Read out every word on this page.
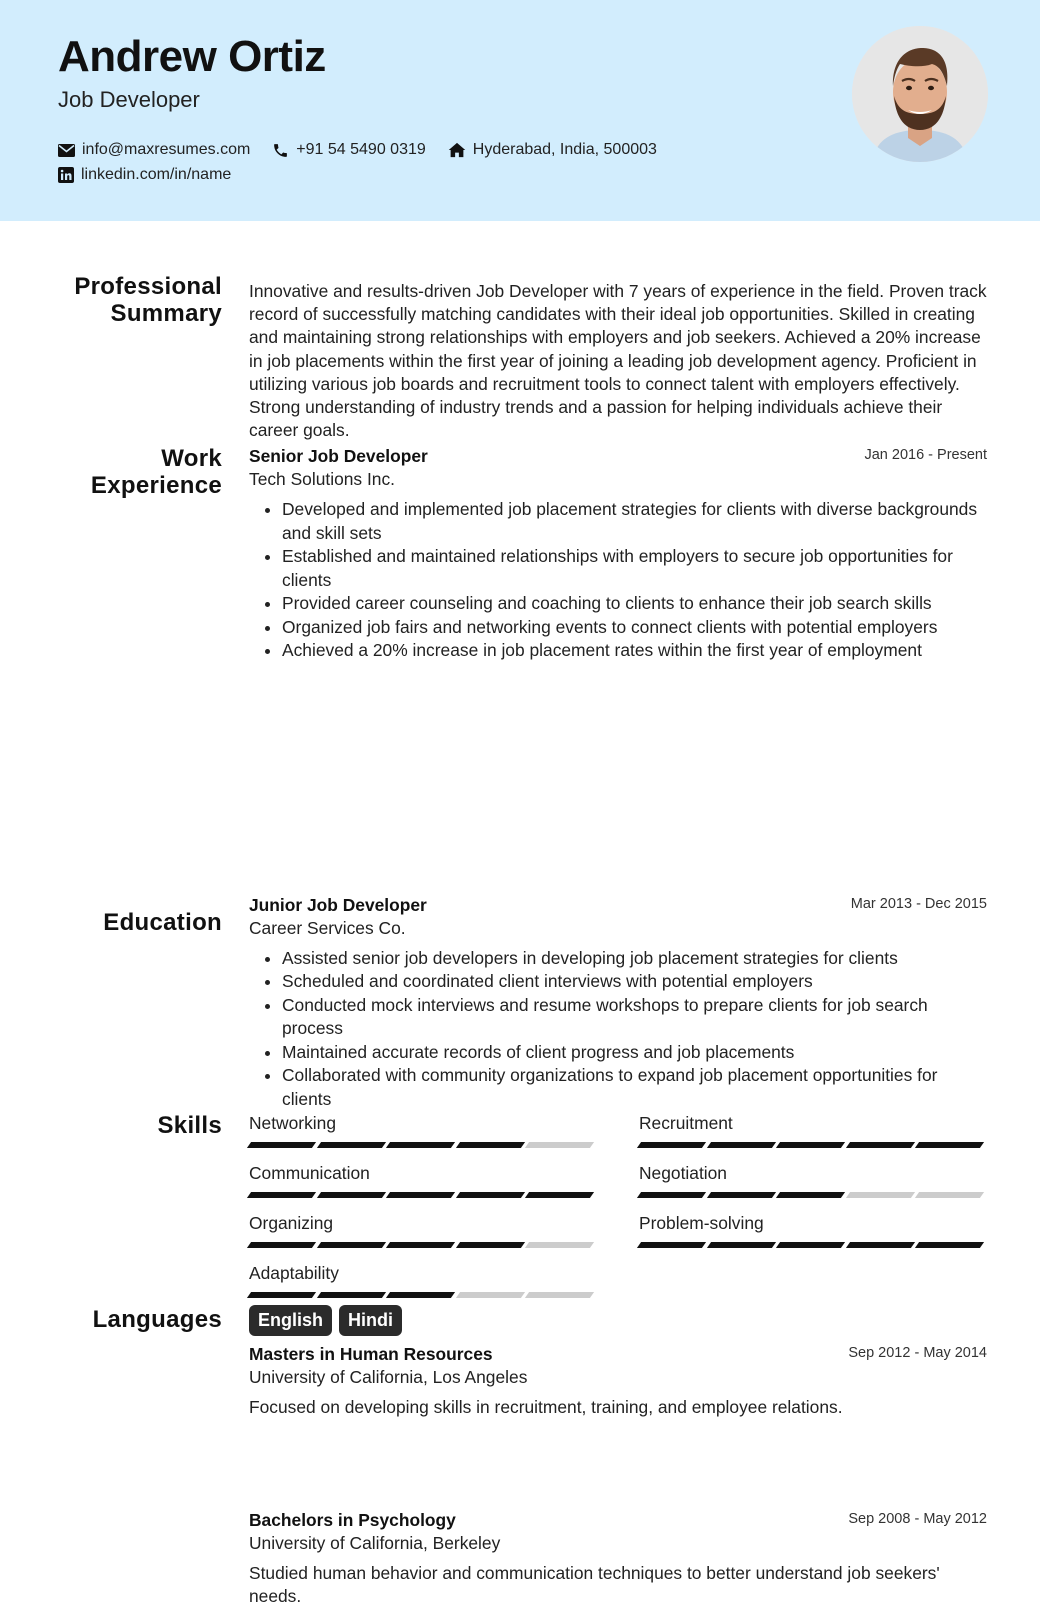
Andrew Ortiz
Job Developer
info@maxresumes.com	+91 54 5490 0319	Hyderabad, India, 500003
linkedin.com/in/name
Professional Summary

Innovative and results-driven Job Developer with 7 years of experience in the field. Proven track record of successfully matching candidates with their ideal job opportunities. Skilled in creating and maintaining strong relationships with employers and job seekers. Achieved a 20% increase in job placements within the first year of joining a leading job development agency. Proficient in utilizing various job boards and recruitment tools to connect talent with employers effectively. Strong understanding of industry trends and a passion for helping individuals achieve their career goals.

Work Experience
Senior Job Developer	Jan 2016 - Present
Tech Solutions Inc.
• Developed and implemented job placement strategies for clients with diverse backgrounds and skill sets
• Established and maintained relationships with employers to secure job opportunities for clients
• Provided career counseling and coaching to clients to enhance their job search skills
• Organized job fairs and networking events to connect clients with potential employers
• Achieved a 20% increase in job placement rates within the first year of employment
Junior Job Developer	Mar 2013 - Dec 2015
Career Services Co.
• Assisted senior job developers in developing job placement strategies for clients
• Scheduled and coordinated client interviews with potential employers
• Conducted mock interviews and resume workshops to prepare clients for job search process
• Maintained accurate records of client progress and job placements
• Collaborated with community organizations to expand job placement opportunities for clients
Education
Masters in Human Resources	Sep 2012 - May 2014
University of California, Los Angeles
Focused on developing skills in recruitment, training, and employee relations.
Bachelors in Psychology	Sep 2008 - May 2012
University of California, Berkeley
Studied human behavior and communication techniques to better understand job seekers' needs.
Skills Networking	Recruitment
Communication	Negotiation
Organizing	Problem-solving
Adaptability
Languages	English	Hindi
